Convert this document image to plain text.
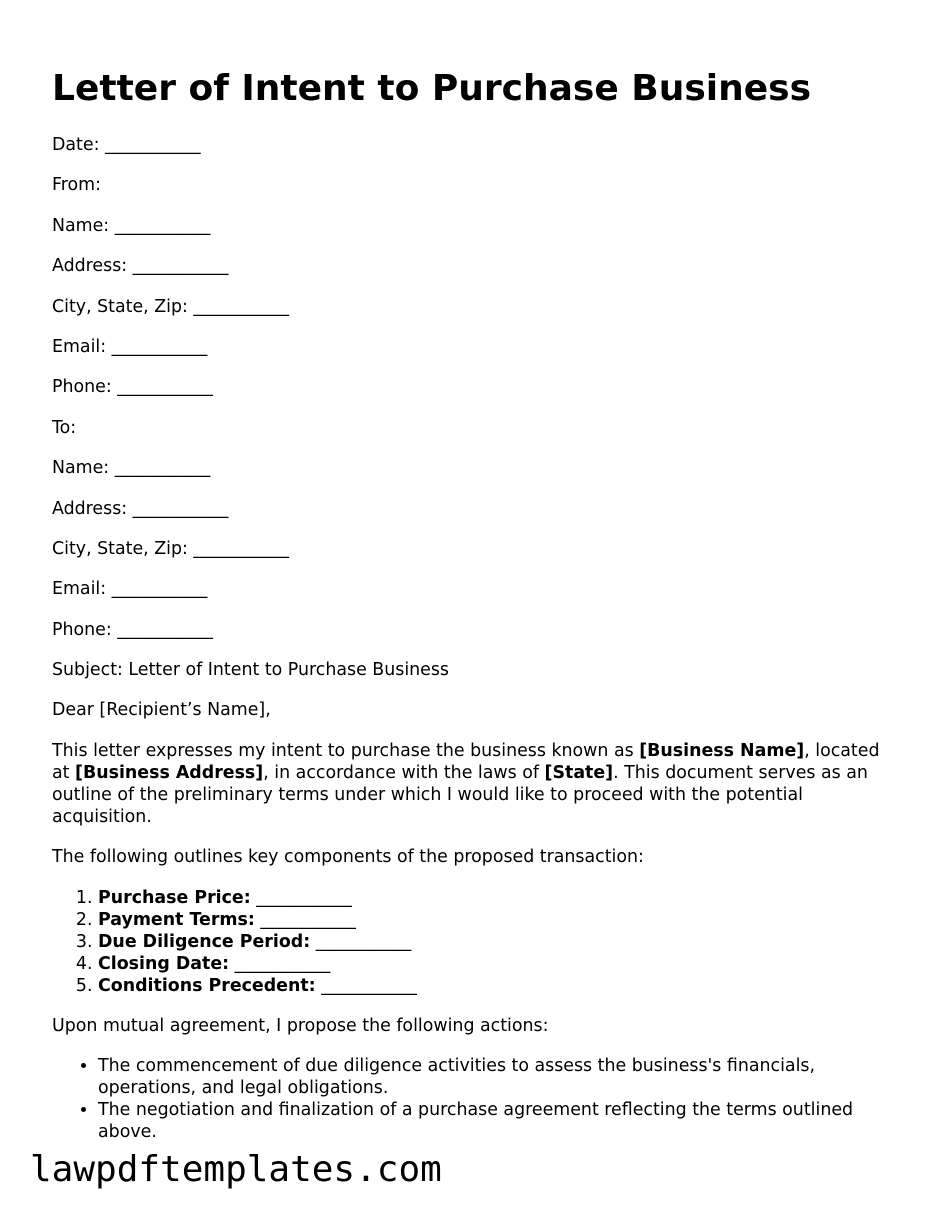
Letter of Intent to Purchase Business
Date: ___________
From:
Name: ___________
Address: ___________
City, State, Zip: ___________
Email: ___________
Phone: ___________
To:
Name: ___________
Address: ___________
City, State, Zip: ___________
Email: ___________
Phone: ___________
Subject: Letter of Intent to Purchase Business
Dear [Recipient’s Name],

This letter expresses my intent to purchase the business known as [Business Name], located at [Business Address], in accordance with the laws of [State]. This document serves as an outline of the preliminary terms under which I would like to proceed with the potential acquisition.

The following outlines key components of the proposed transaction:
1. Purchase Price: ___________
2. Payment Terms: ___________
3. Due Diligence Period: ___________
4. Closing Date: ___________
5. Conditions Precedent: ___________
Upon mutual agreement, I propose the following actions:
• The commencement of due diligence activities to assess the business's financials, operations, and legal obligations.
• The negotiation and finalization of a purchase agreement reflecting the terms outlined above.
lawpdftemplates.com
